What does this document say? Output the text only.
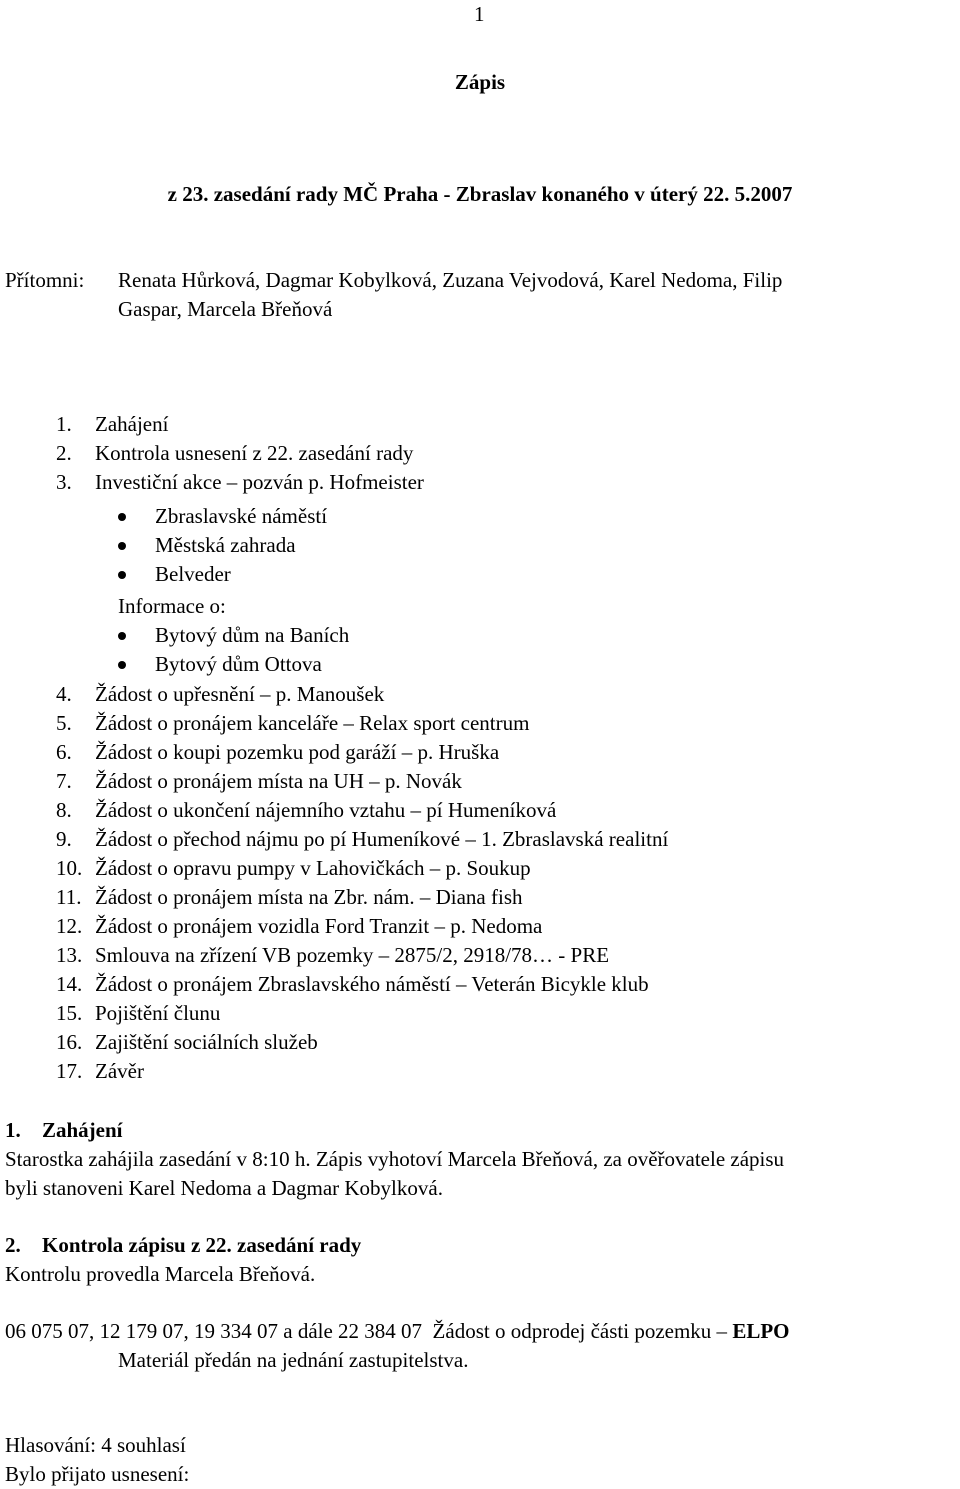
1
Zápis
z 23. zasedání rady MČ Praha - Zbraslav konaného v úterý 22. 5.2007
Přítomni: Renata Hůrková, Dagmar Kobylková, Zuzana Vejvodová, Karel Nedoma, Filip
Gaspar, Marcela Břeňová
1. Zahájení
2. Kontrola usnesení z 22. zasedání rady
3. Investiční akce – pozván p. Hofmeister
Zbraslavské náměstí
Městská zahrada
Belveder
Informace o:
Bytový dům na Baních
Bytový dům Ottova
4. Žádost o upřesnění – p. Manoušek
5. Žádost o pronájem kanceláře – Relax sport centrum
6. Žádost o koupi pozemku pod garáží – p. Hruška
7. Žádost o pronájem místa na UH – p. Novák
8. Žádost o ukončení nájemního vztahu – pí Humeníková
9. Žádost o přechod nájmu po pí Humeníkové – 1. Zbraslavská realitní
10. Žádost o opravu pumpy v Lahovičkách – p. Soukup
11. Žádost o pronájem místa na Zbr. nám. – Diana fish
12. Žádost o pronájem vozidla Ford Tranzit – p. Nedoma
13. Smlouva na zřízení VB pozemky – 2875/2, 2918/78… - PRE
14. Žádost o pronájem Zbraslavského náměstí – Veterán Bicykle klub
15. Pojištění člunu
16. Zajištění sociálních služeb
17. Závěr
1. Zahájení
Starostka zahájila zasedání v 8:10 h. Zápis vyhotoví Marcela Břeňová, za ověřovatele zápisu
byli stanoveni Karel Nedoma a Dagmar Kobylková.
2. Kontrola zápisu z 22. zasedání rady
Kontrolu provedla Marcela Břeňová.
06 075 07, 12 179 07, 19 334 07 a dále 22 384 07 Žádost o odprodej části pozemku – ELPO
Materiál předán na jednání zastupitelstva.
Hlasování: 4 souhlasí
Bylo přijato usnesení:
